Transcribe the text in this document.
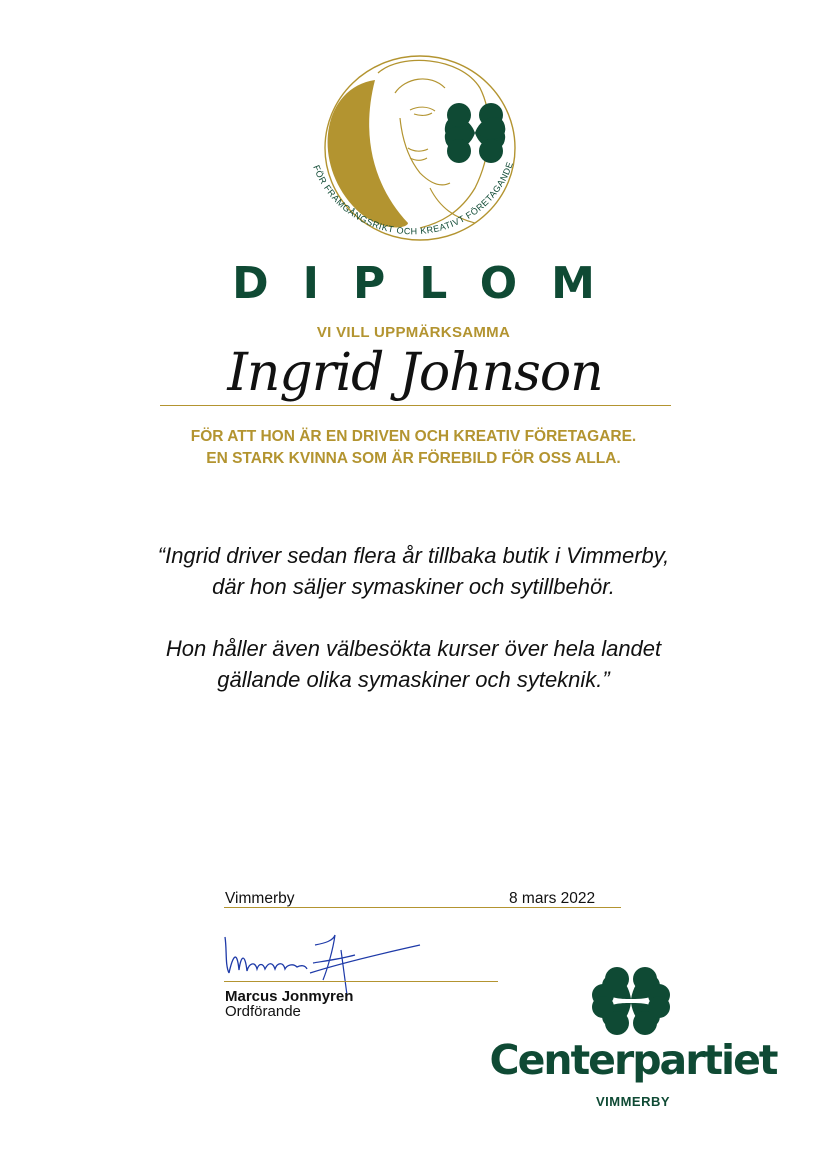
FÖR FRAMGÅNGSRIKT OCH KREATIVT FÖRETAGANDE
DIPLOM
VI VILL UPPMÄRKSAMMA
Ingrid Johnson
FÖR ATT HON ÄR EN DRIVEN OCH KREATIV FÖRETAGARE.
EN STARK KVINNA SOM ÄR FÖREBILD FÖR OSS ALLA.

“Ingrid driver sedan flera år tillbaka butik i Vimmerby,
där hon säljer symaskiner och sytillbehör.

Hon håller även välbesökta kurser över hela landet
gällande olika symaskiner och syteknik.”

Vimmerby	8 mars 2022
Marcus Jonmyren
Ordförande
Centerpartiet
VIMMERBY
